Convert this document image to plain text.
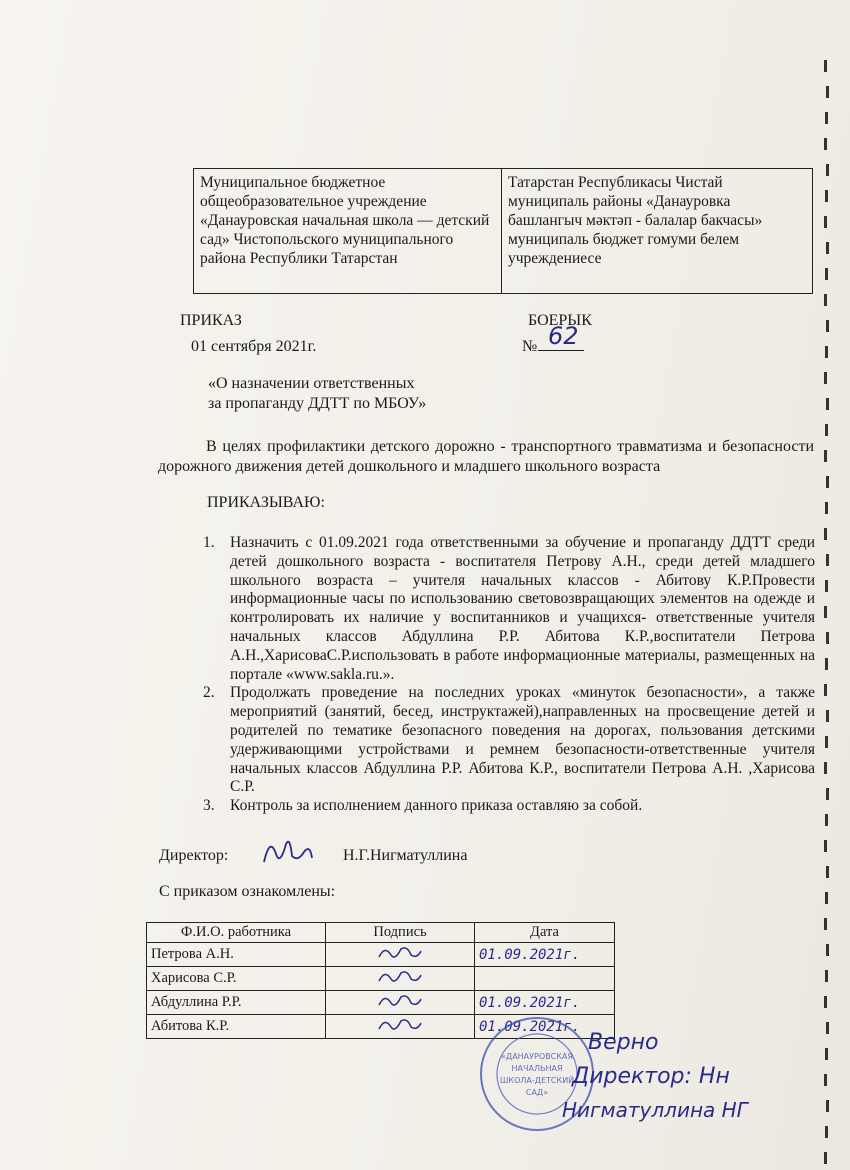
Муниципальное бюджетное общеобразовательное учреждение «Данауровская начальная школа — детский сад» Чистопольского муниципального района Республики Татарстан	Татарстан Республикасы Чистай муниципаль районы «Данауровка башлангыч мәктәп - балалар бакчасы» муниципаль бюджет гомуми белем учреждениесе
ПРИКАЗ	БОЕРЫК
01 сентября 2021г.	№ 62
«О назначении ответственных
за пропаганду ДДТТ по МБОУ»
В целях профилактики детского дорожно - транспортного травматизма и безопасности дорожного движения детей дошкольного и младшего школьного возраста
ПРИКАЗЫВАЮ:
1. Назначить с 01.09.2021 года ответственными за обучение и пропаганду ДДТТ среди детей дошкольного возраста - воспитателя Петрову А.Н., среди детей младшего школьного возраста – учителя начальных классов - Абитову К.Р.Провести информационные часы по использованию световозвращающих элементов на одежде и контролировать их наличие у воспитанников и учащихся- ответственные учителя начальных классов Абдуллина Р.Р. Абитова К.Р.,воспитатели Петрова А.Н.,ХарисоваС.Р.использовать в работе информационные материалы, размещенных на портале «www.sakla.ru.».
2. Продолжать проведение на последних уроках «минуток безопасности», а также мероприятий (занятий, бесед, инструктажей),направленных на просвещение детей и родителей по тематике безопасного поведения на дорогах, пользования детскими удерживающими устройствами и ремнем безопасности-ответственные учителя начальных классов Абдуллина Р.Р. Абитова К.Р., воспитатели Петрова А.Н. ,Харисова С.Р.
3. Контроль за исполнением данного приказа оставляю за собой.
Директор:	Н.Г.Нигматуллина
С приказом ознакомлены:
Ф.И.О. работника	Подпись	Дата
Петрова А.Н.		01.09.2021г.
Харисова С.Р.		
Абдуллина Р.Р.		01.09.2021г.
Абитова К.Р.		01.09.2021г.
«ДАНАУРОВСКАЯ
НАЧАЛЬНАЯ
ШКОЛА-ДЕТСКИЙ
САД»
Верно
Директор: Нн
Нигматуллина НГ
